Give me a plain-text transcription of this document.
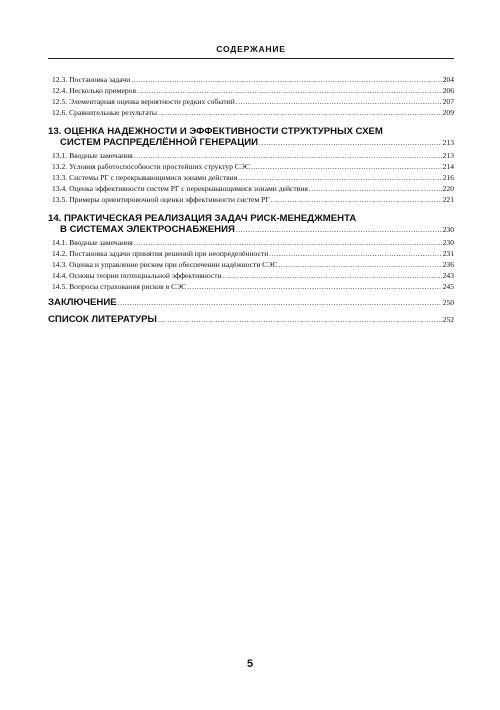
СОДЕРЖАНИЕ
12.3. Постановка задачи .....	204
12.4. Несколько примеров .....	206
12.5. Элементарная оценка вероятности редких событий .....	207
12.6. Сравнительные результаты .....	209
13. ОЦЕНКА НАДЕЖНОСТИ И ЭФФЕКТИВНОСТИ СТРУКТУРНЫХ СХЕМ
СИСТЕМ РАСПРЕДЕЛЁННОЙ ГЕНЕРАЦИИ .....	213
13.1. Вводные замечания .....	213
13.2. Условия работоспособности простейших структур СЭС .....	214
13.3. Системы РГ с перекрывающимися зонами действия .....	216
13.4. Оценка эффективности систем РГ с перекрывающимися зонами действия .....	220
13.5. Примеры ориентировочной оценки эффективности систем РГ .....	221
14. ПРАКТИЧЕСКАЯ РЕАЛИЗАЦИЯ ЗАДАЧ РИСК-МЕНЕДЖМЕНТА
В СИСТЕМАХ ЭЛЕКТРОСНАБЖЕНИЯ .....	230
14.1. Вводные замечания .....	230
14.2. Постановка задачи принятия решений при неопределённости .....	231
14.3. Оценка и управление риском при обеспечении надёжности СЭС .....	236
14.4. Основы теории потенциальной эффективности .....	243
14.5. Вопросы страхования рисков в СЭС .....	245
ЗАКЛЮЧЕНИЕ .....	250
СПИСОК ЛИТЕРАТУРЫ .....	252
5
